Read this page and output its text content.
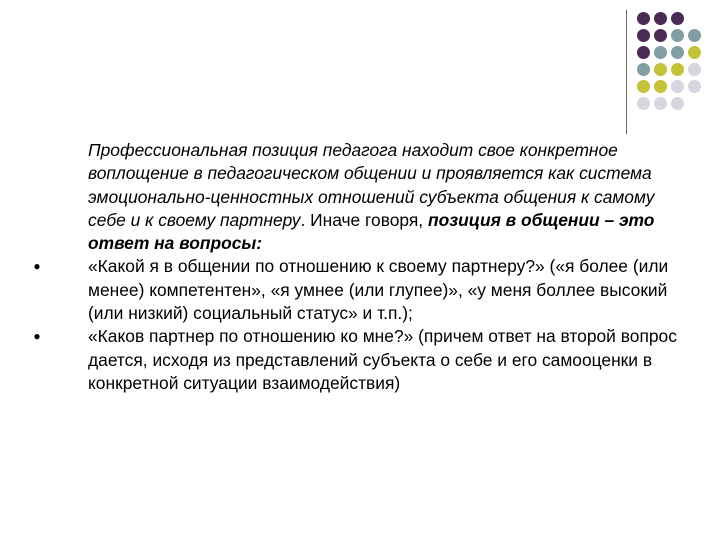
Профессиональная позиция педагога находит свое конкретное воплощение в педагогическом общении и проявляется как система эмоционально-ценностных отношений субъекта общения к самому себе и к своему партнеру. Иначе говоря, позиция в общении – это ответ на вопросы:

●	«Какой я в общении по отношению к своему партнеру?» («я более (или менее) компетентен», «я умнее (или глупее)», «у меня боллее высокий (или низкий) социальный статус» и т.п.);

●	«Каков партнер по отношению ко мне?» (причем ответ на второй вопрос дается, исходя из представлений субъекта о себе и его самооценки в конкретной ситуации взаимодействия)
